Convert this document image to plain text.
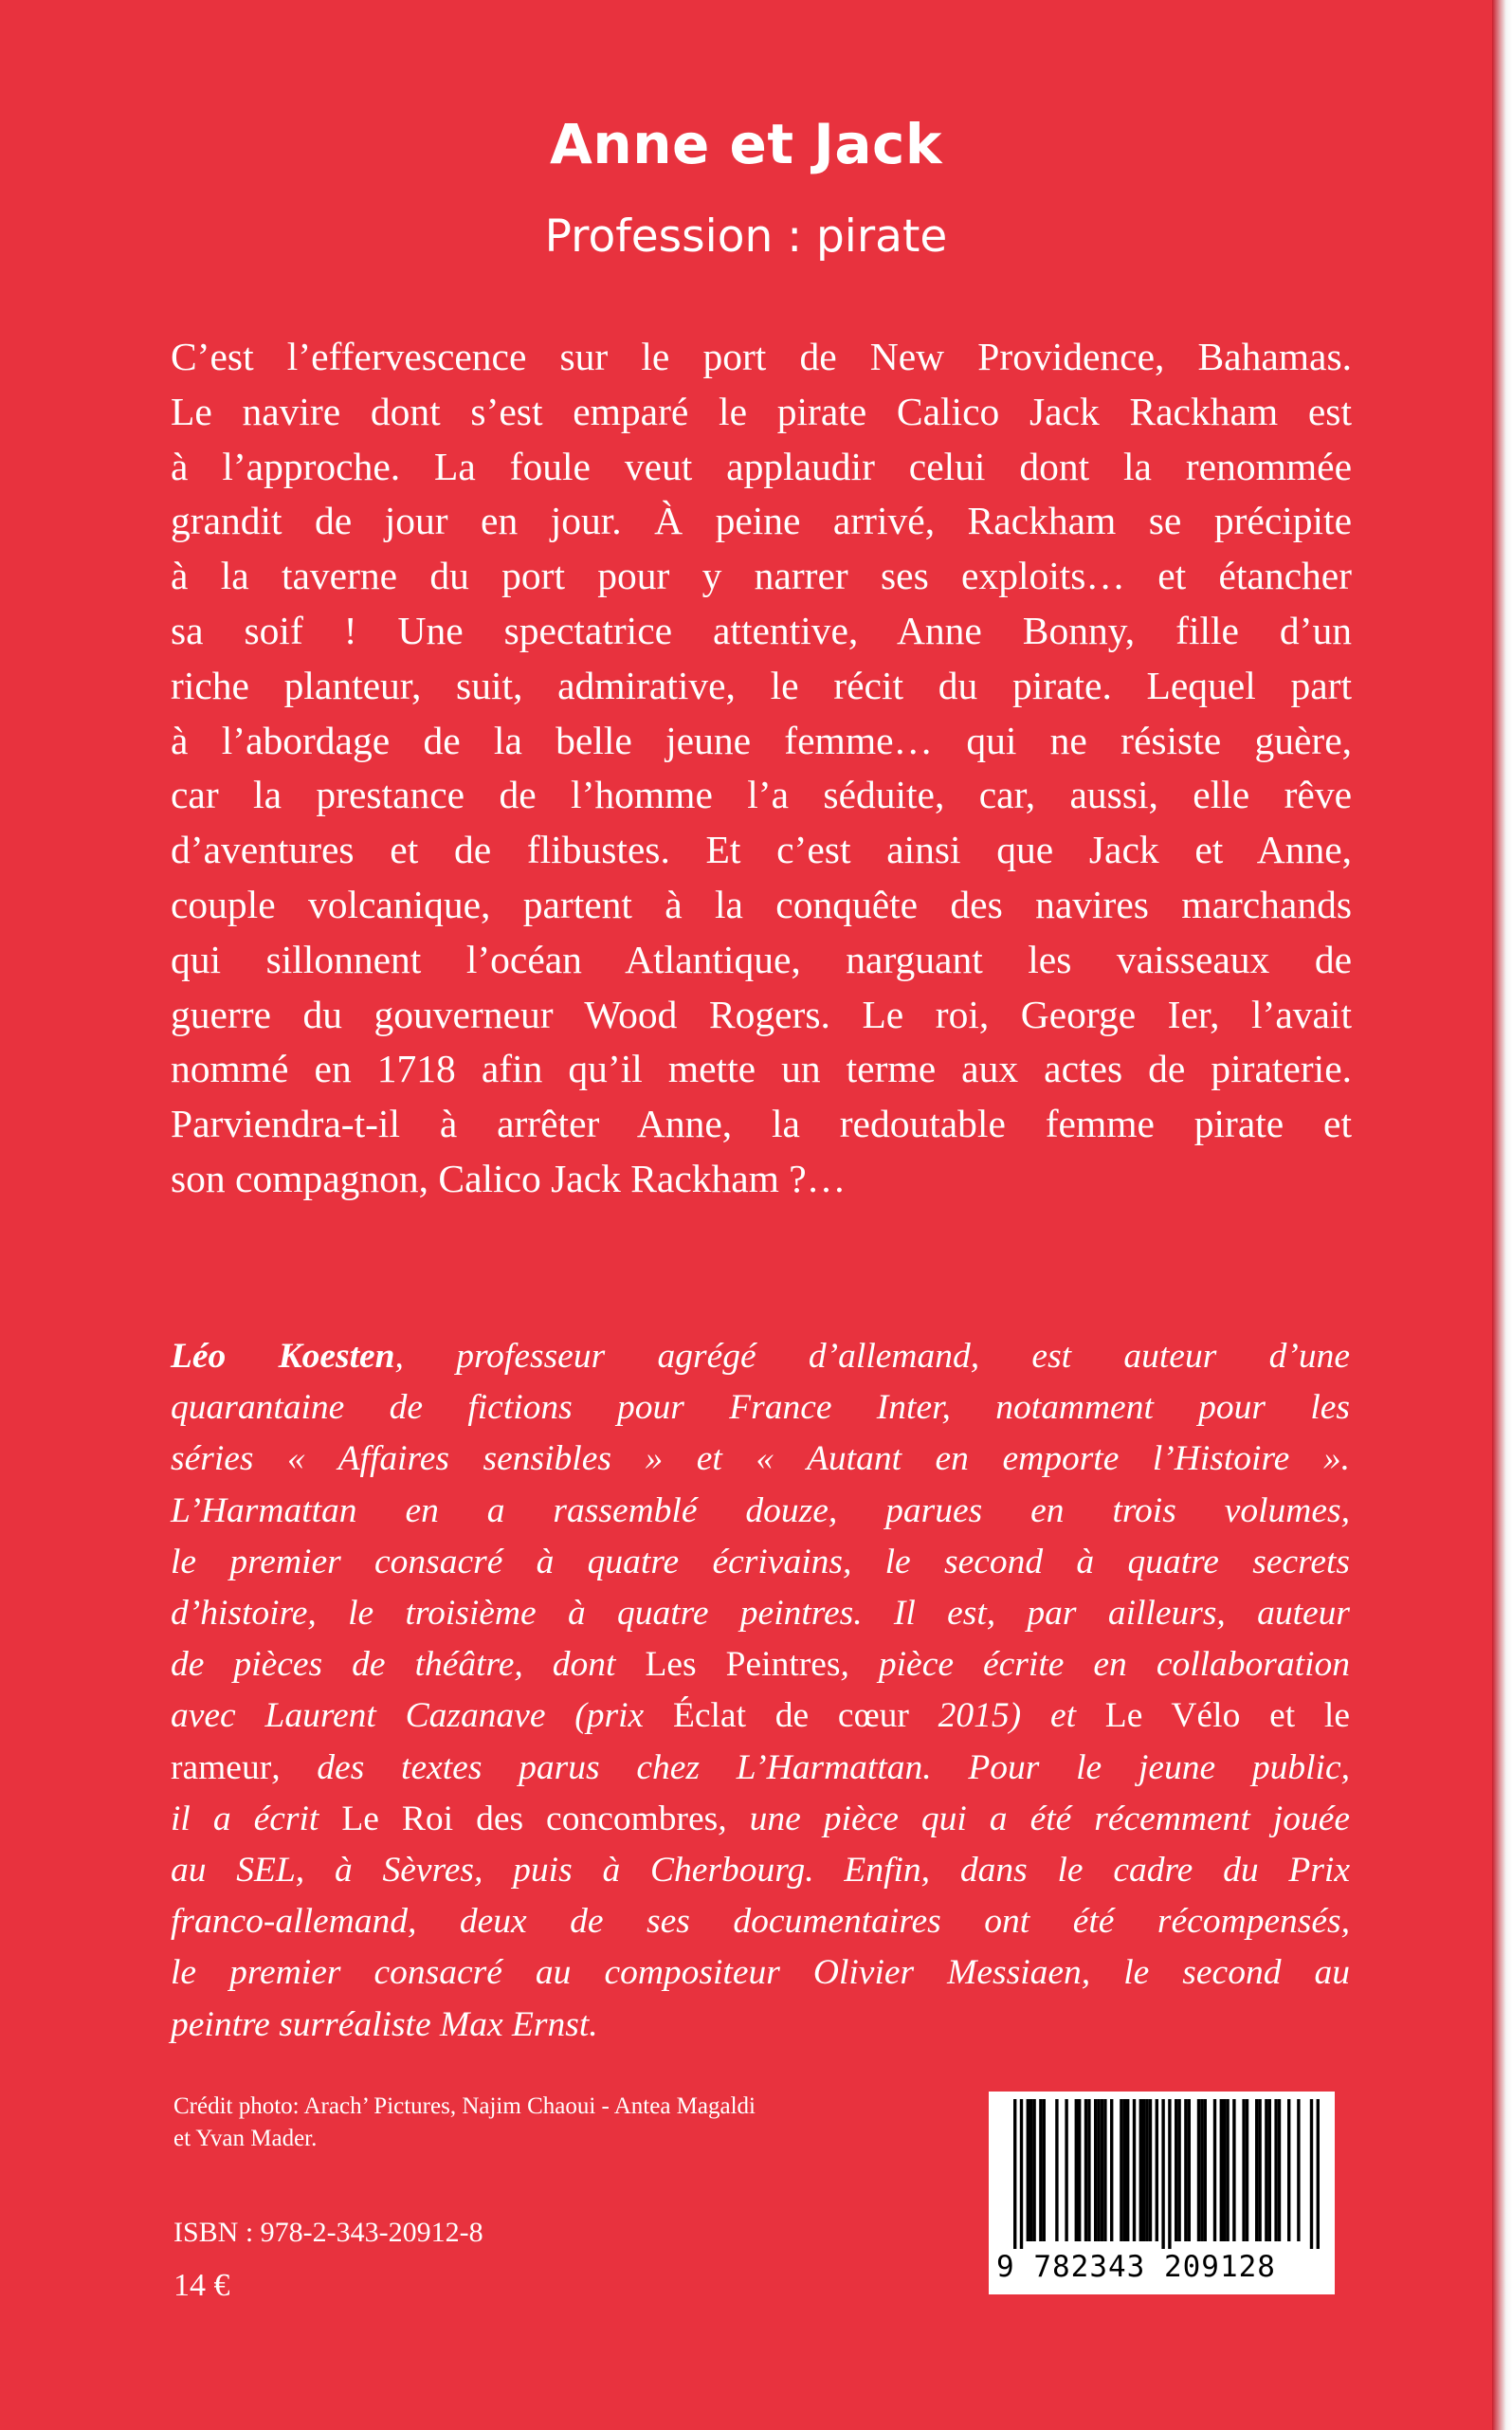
Anne et Jack
Profession : pirate
C’est l’effervescence sur le port de New Providence, Bahamas.
Le navire dont s’est emparé le pirate Calico Jack Rackham est
à l’approche. La foule veut applaudir celui dont la renommée
grandit de jour en jour. À peine arrivé, Rackham se précipite
à la taverne du port pour y narrer ses exploits… et étancher
sa soif ! Une spectatrice attentive, Anne Bonny, fille d’un
riche planteur, suit, admirative, le récit du pirate. Lequel part
à l’abordage de la belle jeune femme… qui ne résiste guère,
car la prestance de l’homme l’a séduite, car, aussi, elle rêve
d’aventures et de flibustes. Et c’est ainsi que Jack et Anne,
couple volcanique, partent à la conquête des navires marchands
qui sillonnent l’océan Atlantique, narguant les vaisseaux de
guerre du gouverneur Wood Rogers. Le roi, George Ier, l’avait
nommé en 1718 afin qu’il mette un terme aux actes de piraterie.
Parviendra-t-il à arrêter Anne, la redoutable femme pirate et
son compagnon, Calico Jack Rackham ?…
Léo Koesten, professeur agrégé d’allemand, est auteur d’une
quarantaine de fictions pour France Inter, notamment pour les
séries « Affaires sensibles » et « Autant en emporte l’Histoire ».
L’Harmattan en a rassemblé douze, parues en trois volumes,
le premier consacré à quatre écrivains, le second à quatre secrets
d’histoire, le troisième à quatre peintres. Il est, par ailleurs, auteur
de pièces de théâtre, dont Les Peintres, pièce écrite en collaboration
avec Laurent Cazanave (prix Éclat de cœur 2015) et Le Vélo et le
rameur, des textes parus chez L’Harmattan. Pour le jeune public,
il a écrit Le Roi des concombres, une pièce qui a été récemment jouée
au SEL, à Sèvres, puis à Cherbourg. Enfin, dans le cadre du Prix
franco-allemand, deux de ses documentaires ont été récompensés,
le premier consacré au compositeur Olivier Messiaen, le second au
peintre surréaliste Max Ernst.
Crédit photo: Arach’ Pictures, Najim Chaoui - Antea Magaldi
et Yvan Mader.
ISBN : 978-2-343-20912-8
14 €
9 782343 209128
